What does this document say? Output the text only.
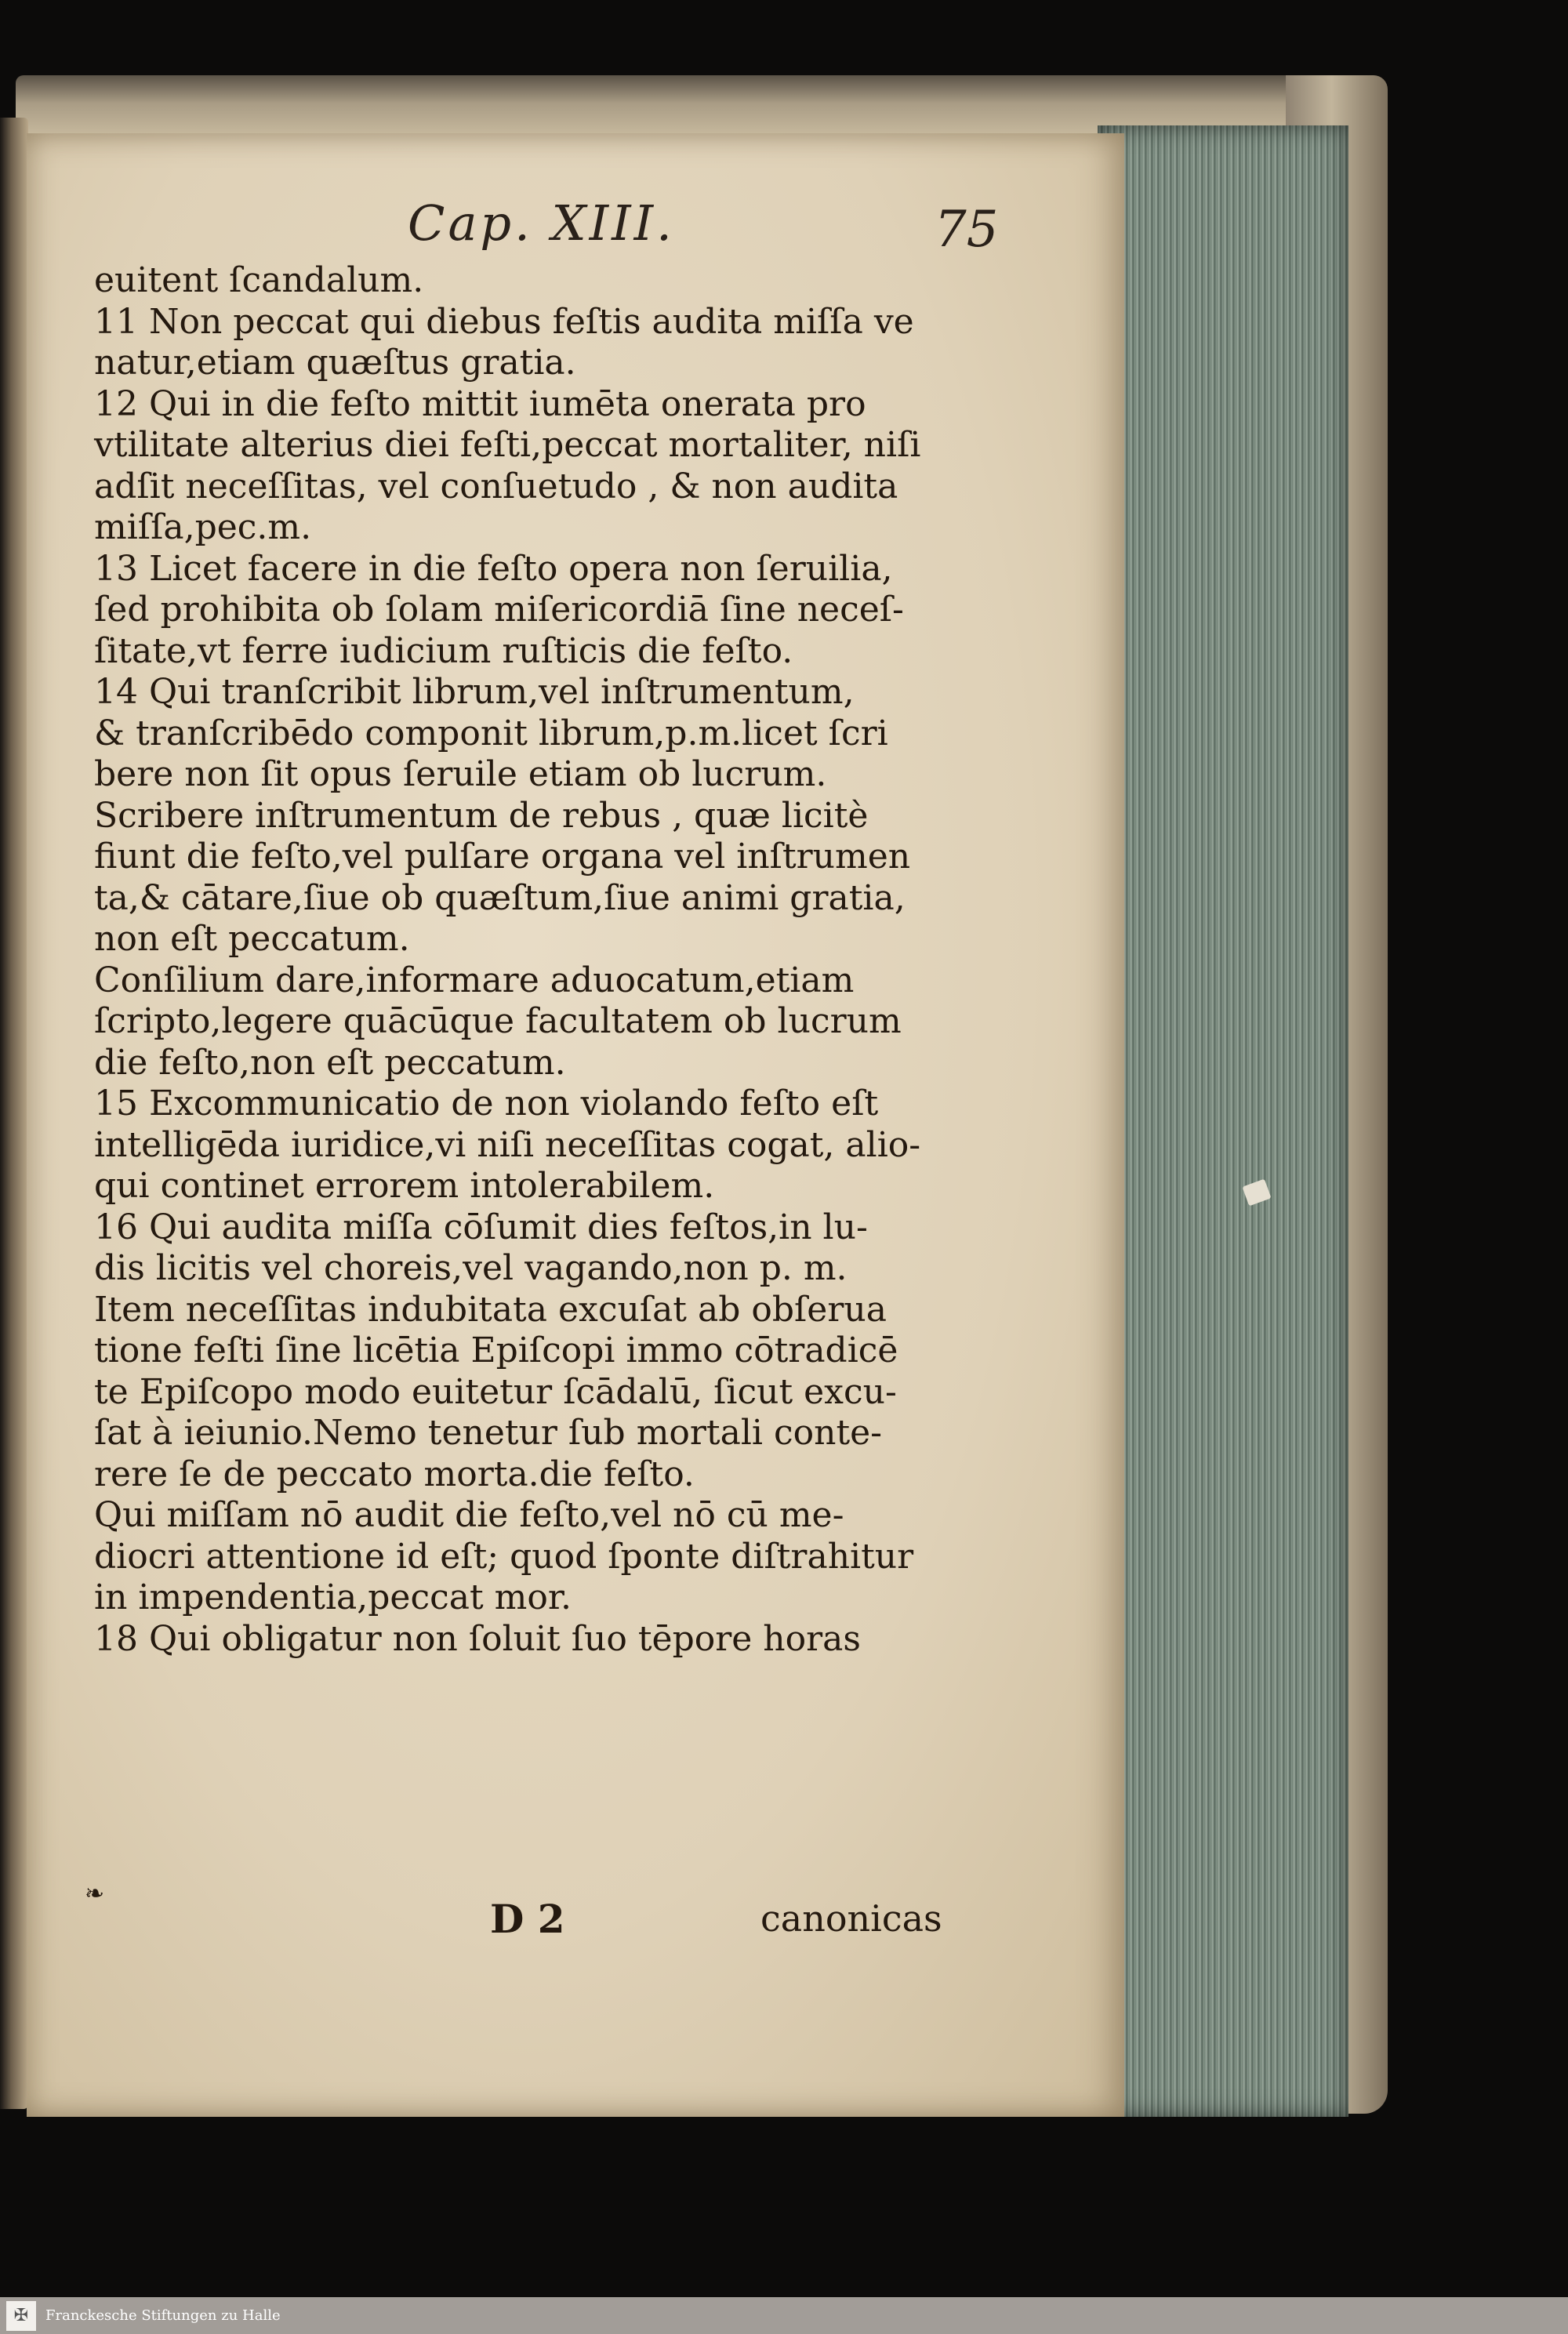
Cap. XIII.	75
euitent ſcandalum.
11 Non peccat qui diebus feſtis audita miſſa ve
natur,etiam quæſtus gratia.
12 Qui in die feſto mittit iumēta onerata pro
vtilitate alterius diei feſti,peccat mortaliter, niſi
adſit neceſſitas, vel conſuetudo , & non audita
miſſa,pec.m.
13 Licet facere in die feſto opera non ſeruilia,
ſed prohibita ob ſolam miſericordiā ſine neceſ-
ſitate,vt ferre iudicium ruſticis die feſto.
14 Qui tranſcribit librum,vel inſtrumentum,
& tranſcribēdo componit librum,p.m.licet ſcri
bere non ſit opus ſeruile etiam ob lucrum.
Scribere inſtrumentum de rebus , quæ licitè
fiunt die feſto,vel pulſare organa vel inſtrumen
ta,& cātare,ſiue ob quæſtum,ſiue animi gratia,
non eſt peccatum.
Conſilium dare,informare aduocatum,etiam
ſcripto,legere quācūque facultatem ob lucrum
die feſto,non eſt peccatum.
15 Excommunicatio de non violando feſto eſt
intelligēda iuridice,vi niſi neceſſitas cogat, alio-
qui continet errorem intolerabilem.
16 Qui audita miſſa cōſumit dies feſtos,in lu-
dis licitis vel choreis,vel vagando,non p. m.
Item neceſſitas indubitata excuſat ab obſerua
tione feſti ſine licētia Epiſcopi immo cōtradicē
te Epiſcopo modo euitetur ſcādalū, ſicut excu-
ſat à ieiunio.Nemo tenetur ſub mortali conte-
rere ſe de peccato morta.die feſto.
Qui miſſam nō audit die feſto,vel nō cū me-
diocri attentione id eſt; quod ſponte diſtrahitur
in impendentia,peccat mor.
18 Qui obligatur non ſoluit ſuo tēpore horas
❧
D 2	canonicas
✠	Franckesche Stiftungen zu Halle
